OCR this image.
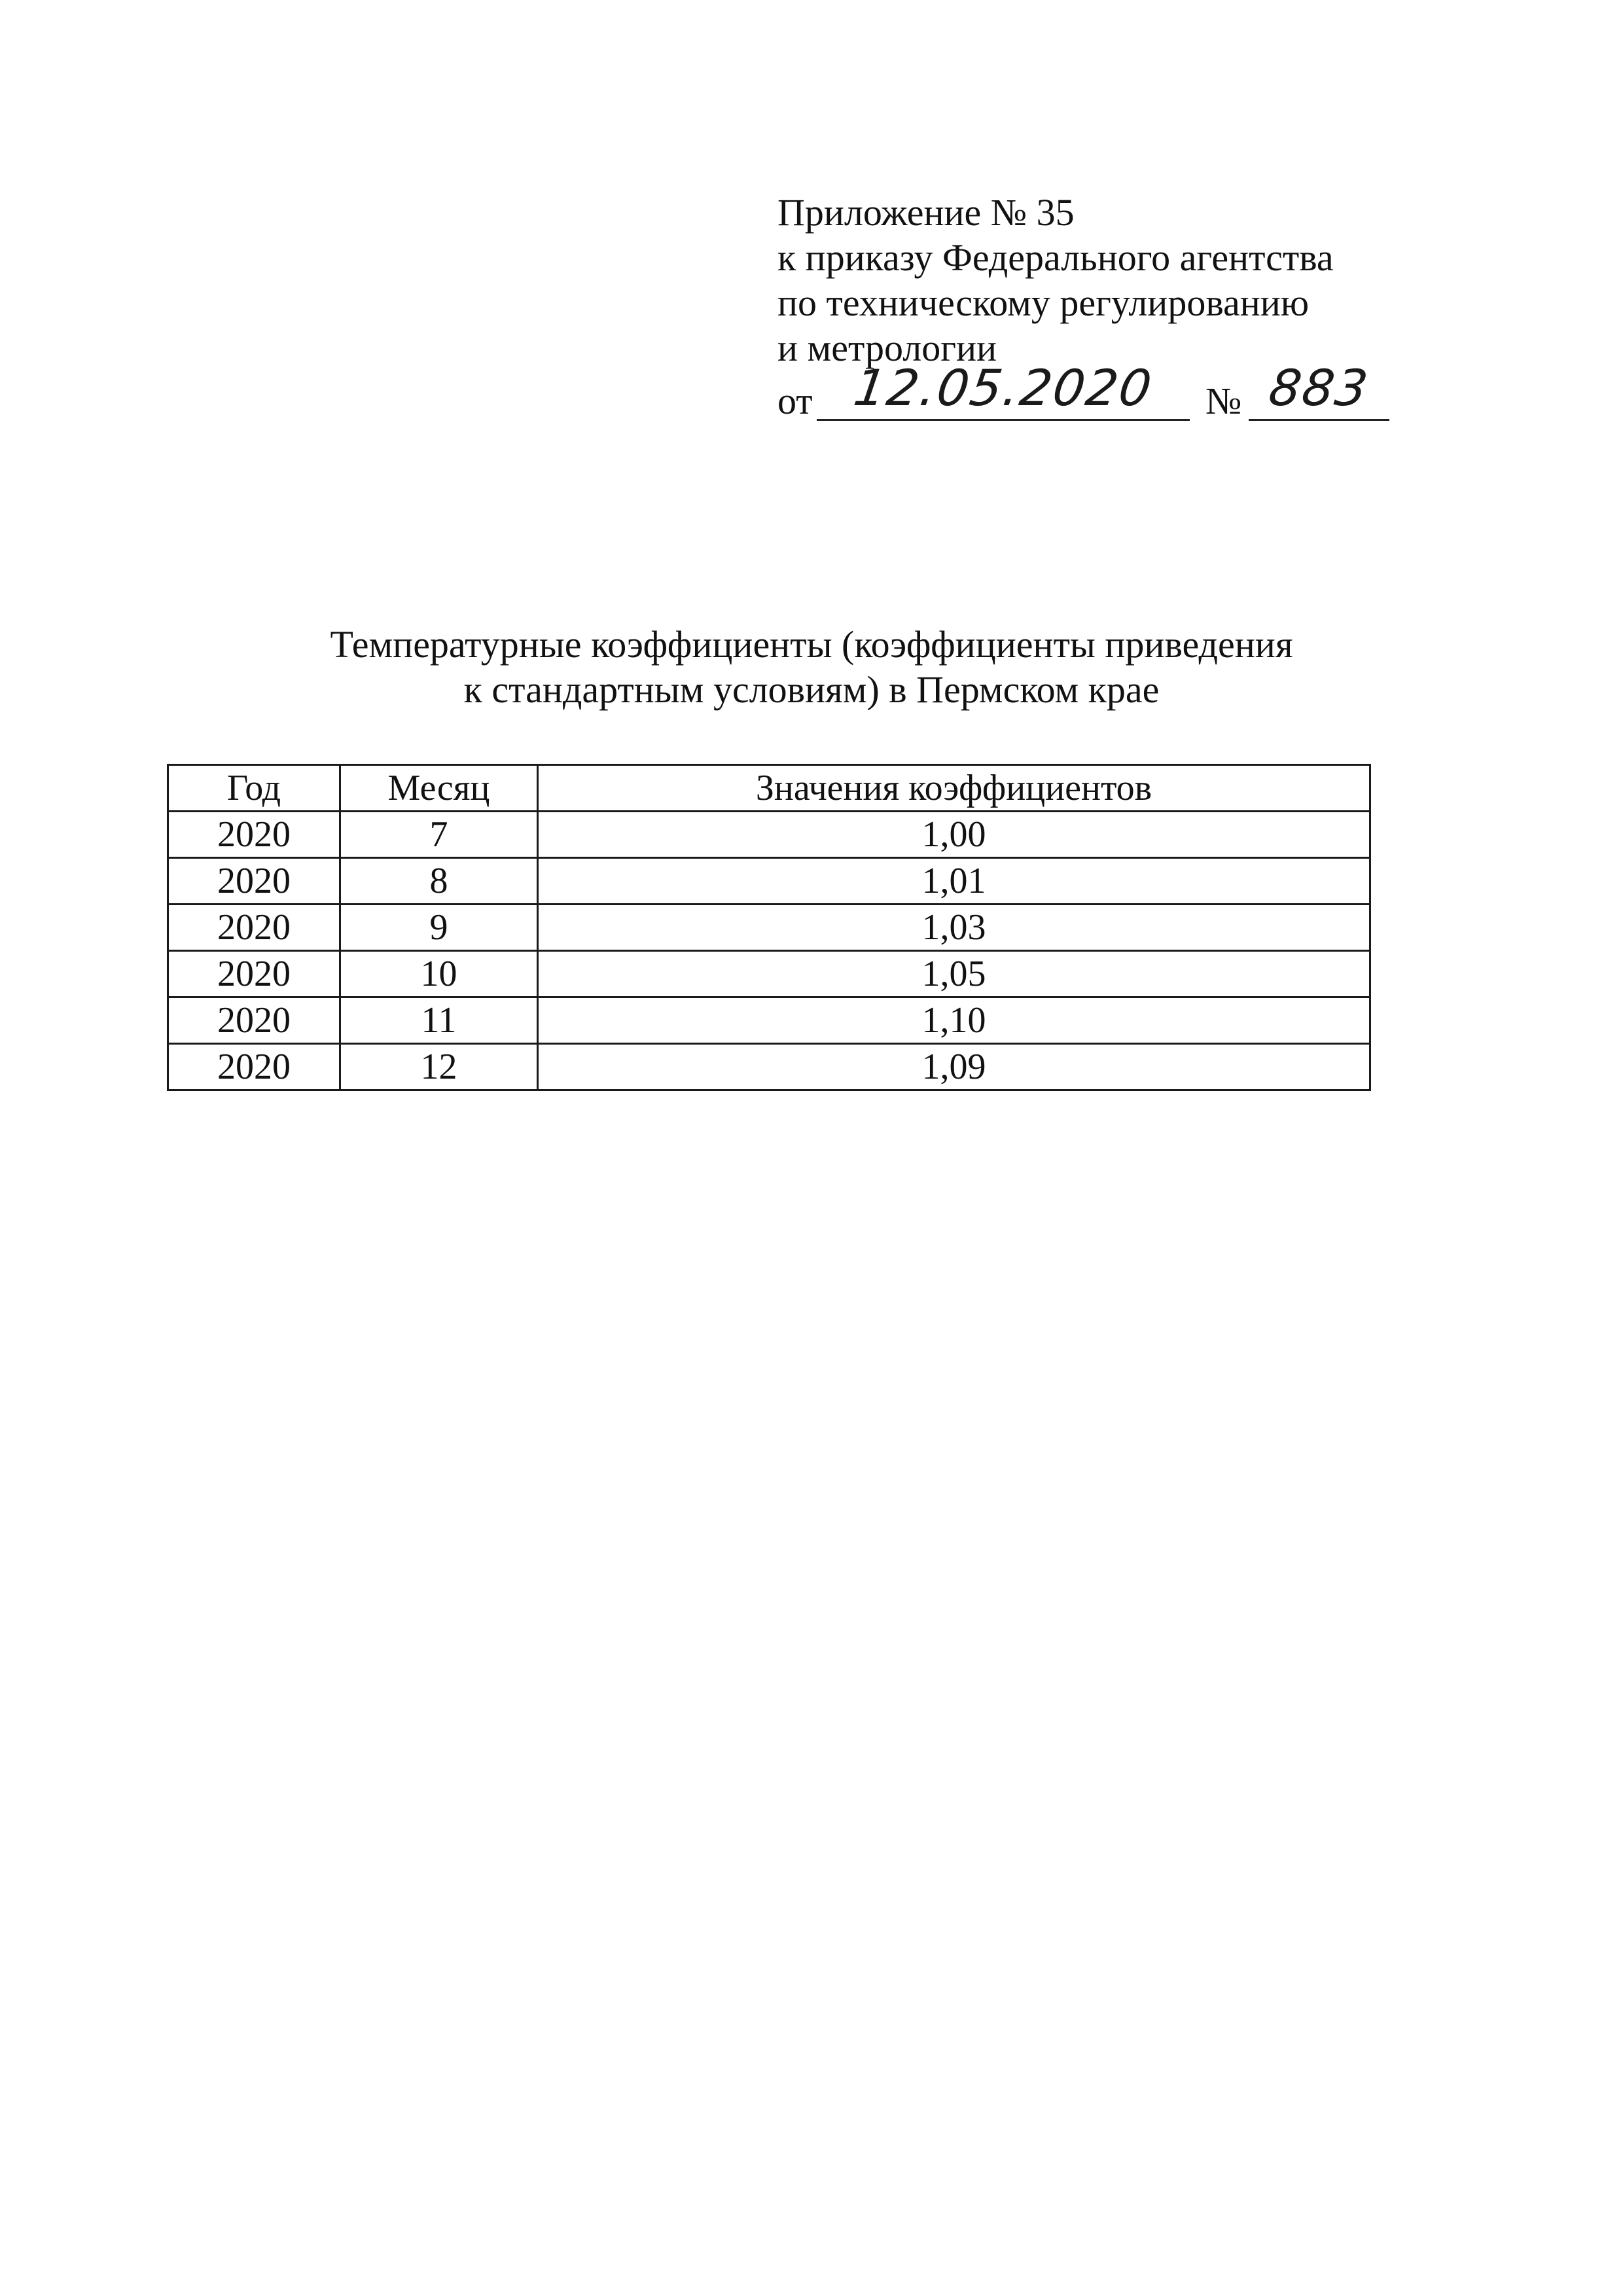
Приложение № 35
к приказу Федерального агентства
по техническому регулированию
и метрологии
от 12.05.2020	№ 883
Температурные коэффициенты (коэффициенты приведения
к стандартным условиям) в Пермском крае
Год	Месяц	Значения коэффициентов
2020	7	1,00
2020	8	1,01
2020	9	1,03
2020	10	1,05
2020	11	1,10
2020	12	1,09
